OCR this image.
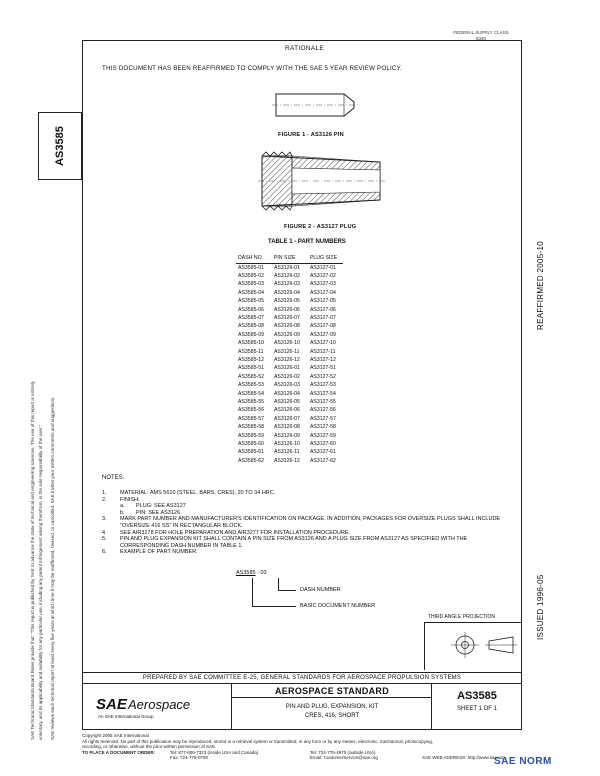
FEDERAL SUPPLY CLASS
5340
RATIONALE
THIS DOCUMENT HAS BEEN REAFFIRMED TO COMPLY WITH THE SAE 5 YEAR REVIEW POLICY.
AS3585
SAE Technical Standards Board Rules provide that: "This report is published by SAE to advance the state of technical and engineering sciences. The use of this report is entirely voluntary, and its applicability and suitability for any particular use, including any patent infringement arising therefrom, is the sole responsibility of the user." SAE reviews each technical report at least every five years at which time it may be reaffirmed, revised, or cancelled. SAE invites your written comments and suggestions.
FIGURE 1 - AS3126 PIN
FIGURE 2 - AS3127 PLUG
TABLE 1 - PART NUMBERS
DASH NO.	PIN SIZE	PLUG SIZE
AS3585-01	AS3126-01	AS3127-01
AS3585-02	AS3126-02	AS3127-02
AS3585-03	AS3126-03	AS3127-03
AS3585-04	AS3126-04	AS3127-04
AS3585-05	AS3126-05	AS3127-05
AS3585-06	AS3126-06	AS3127-06
AS3585-07	AS3126-07	AS3127-07
AS3585-08	AS3126-08	AS3127-08
AS3585-09	AS3126-09	AS3127-09
AS3585-10	AS3126-10	AS3127-10
AS3585-11	AS3126-11	AS3127-11
AS3585-12	AS3126-12	AS3127-12
AS3585-51	AS3126-01	AS3127-51
AS3585-52	AS3126-02	AS3127-52
AS3585-53	AS3126-03	AS3127-53
AS3585-54	AS3126-04	AS3127-54
AS3585-55	AS3126-05	AS3127-55
AS3585-56	AS3126-06	AS3127-56
AS3585-57	AS3126-07	AS3127-57
AS3585-58	AS3126-08	AS3127-58
AS3585-59	AS3126-09	AS3127-59
AS3585-60	AS3126-10	AS3127-60
AS3585-61	AS3126-11	AS3127-61
AS3585-62	AS3126-12	AS3127-62
NOTES:
1.	MATERIAL: AMS 5610 (STEEL, BARS, CRES), 20 TO 34 HRC.
2.	FINISH:
a.	PLUG: SEE AS3127
b.	PIN: SEE AS3126
3.	MARK PART NUMBER AND MANUFACTURER'S IDENTIFICATION ON PACKAGE. IN ADDITION, PACKAGES FOR OVERSIZE PLUGS SHALL INCLUDE "OVERSIZE 416 SS" IN RECTANGULAR BLOCK.
4.	SEE AIR3278 FOR HOLE PREPARATION AND AIR3277 FOR INSTALLATION PROCEDURE.
5.	PIN AND PLUG EXPANSION KIT SHALL CONTAIN A PIN SIZE FROM AS3126 AND A PLUG SIZE FROM AS3127 AS SPECIFIED WITH THE CORRESPONDING DASH NUMBER IN TABLE 1.
6.	EXAMPLE OF PART NUMBER:
AS3585 - 03
DASH NUMBER
BASIC DOCUMENT NUMBER
THIRD ANGLE PROJECTION
REAFFIRMED 2005-10
ISSUED 1996-05
PREPARED BY SAE COMMITTEE E-25, GENERAL STANDARDS FOR AEROSPACE PROPULSION SYSTEMS
SAE Aerospace
An SAE International Group
AEROSPACE STANDARD
PIN AND PLUG, EXPANSION, KIT
CRES, 416, SHORT
AS3585
SHEET 1 OF 1
Copyright 2005 SAE International
All rights reserved. No part of this publication may be reproduced, stored in a retrieval system or transmitted, in any form or by any means, electronic, mechanical, photocopying,
recording, or otherwise, without the prior written permission of SAE.
TO PLACE A DOCUMENT ORDER:	Tel: 877-606-7323 (inside USA and Canada)	Tel: 724-776-4970 (outside USA)
Fax: 724-776-0790	Email: CustomerService@sae.org	SAE WEB ADDRESS: http://www.sae.org
SAE NORM
